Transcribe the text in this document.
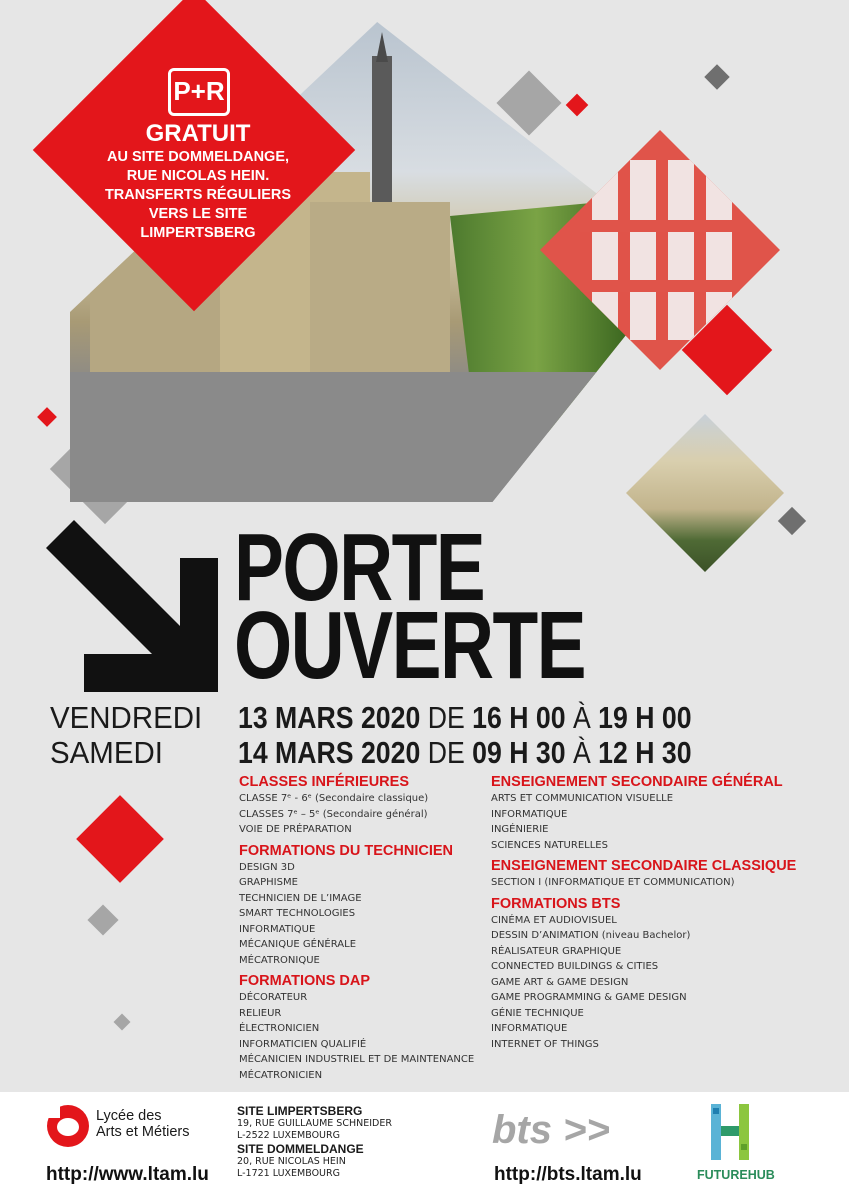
P+R
GRATUIT
AU SITE DOMMELDANGE,
RUE NICOLAS HEIN.
TRANSFERTS RÉGULIERS
VERS LE SITE
LIMPERTSBERG
PORTE
OUVERTE
VENDREDI	13 MARS 2020 DE 16 H 00 À 19 H 00
SAMEDI	14 MARS 2020 DE 09 H 30 À 12 H 30

CLASSES INFÉRIEURES

CLASSE 7ᵉ - 6ᵉ (Secondaire classique)
CLASSES 7ᵉ – 5ᵉ (Secondaire général)
VOIE DE PRÉPARATION

FORMATIONS DU TECHNICIEN

DESIGN 3D
GRAPHISME
TECHNICIEN DE L’IMAGE
SMART TECHNOLOGIES
INFORMATIQUE
MÉCANIQUE GÉNÉRALE
MÉCATRONIQUE

FORMATIONS DAP

DÉCORATEUR
RELIEUR
ÉLECTRONICIEN
INFORMATICIEN QUALIFIÉ
MÉCANICIEN INDUSTRIEL ET DE MAINTENANCE
MÉCATRONICIEN

ENSEIGNEMENT SECONDAIRE GÉNÉRAL

ARTS ET COMMUNICATION VISUELLE
INFORMATIQUE
INGÉNIERIE
SCIENCES NATURELLES

ENSEIGNEMENT SECONDAIRE CLASSIQUE

SECTION I (INFORMATIQUE ET COMMUNICATION)

FORMATIONS BTS

CINÉMA ET AUDIOVISUEL
DESSIN D’ANIMATION (niveau Bachelor)
RÉALISATEUR GRAPHIQUE
CONNECTED BUILDINGS & CITIES
GAME ART & GAME DESIGN
GAME PROGRAMMING & GAME DESIGN
GÉNIE TECHNIQUE
INFORMATIQUE
INTERNET OF THINGS
Lycée des
Arts et Métiers
http://www.ltam.lu
SITE LIMPERTSBERG
19, RUE GUILLAUME SCHNEIDER
L-2522 LUXEMBOURG
SITE DOMMELDANGE
20, RUE NICOLAS HEIN
L-1721 LUXEMBOURG
bts >>
http://bts.ltam.lu	FUTUREHUB
